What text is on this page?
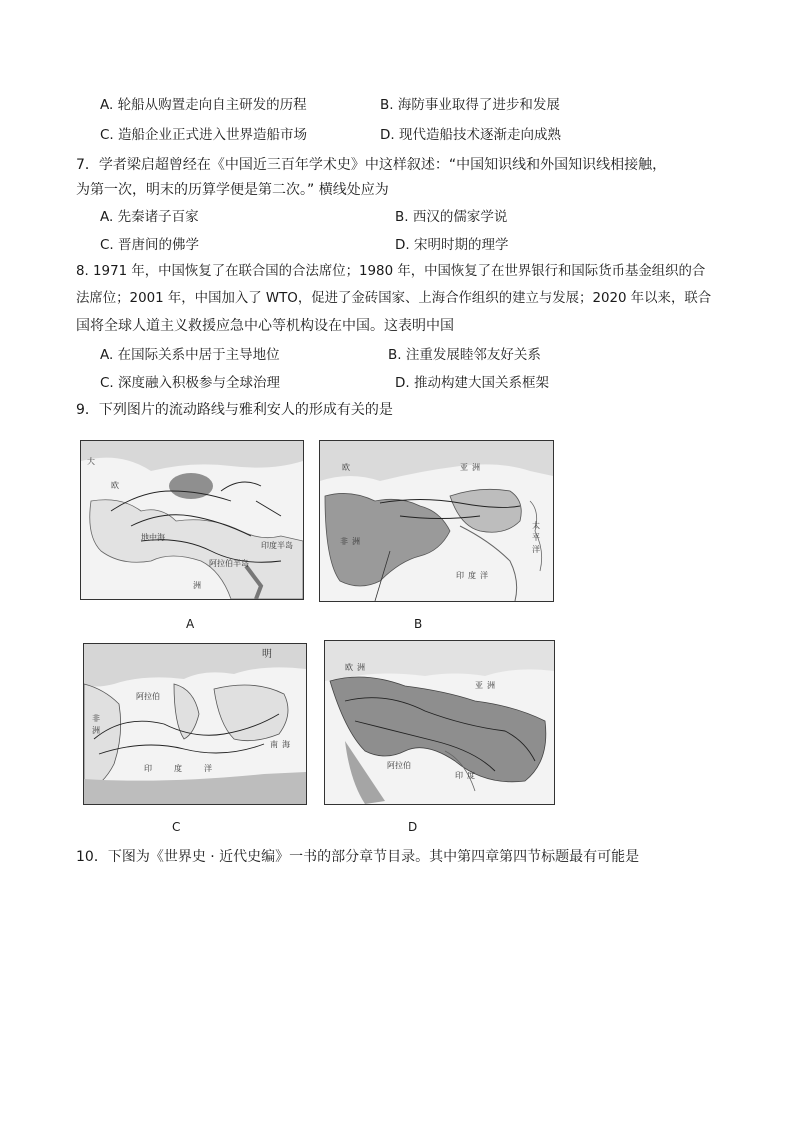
A. 轮船从购置走向自主研发的历程	B. 海防事业取得了进步和发展
C. 造船企业正式进入世界造船市场	D. 现代造船技术逐渐走向成熟
7．学者梁启超曾经在《中国近三百年学术史》中这样叙述：“中国知识线和外国知识线相接触，
为第一次，明末的历算学便是第二次。” 横线处应为
A. 先秦诸子百家	B. 西汉的儒家学说
C. 晋唐间的佛学	D. 宋明时期的理学
8. 1971 年，中国恢复了在联合国的合法席位；1980 年，中国恢复了在世界银行和国际货币基金组织的合
法席位；2001 年，中国加入了 WTO，促进了金砖国家、上海合作组织的建立与发展；2020 年以来，联合
国将全球人道主义救援应急中心等机构设在中国。这表明中国
A. 在国际关系中居于主导地位	B. 注重发展睦邻友好关系
C. 深度融入积极参与全球治理	D. 推动构建大国关系框架
9．下列图片的流动路线与雅利安人的形成有关的是
大
欧
阿拉伯半岛
印度半岛
地中海
洲
A
欧	亚 洲
非 洲
太
平
洋
印 度 洋
B
明
印	度	洋
非
洲
阿拉伯
南 海
C
欧 洲
亚 洲
阿拉伯
印 度
D
10．下图为《世界史 · 近代史编》一书的部分章节目录。其中第四章第四节标题最有可能是
